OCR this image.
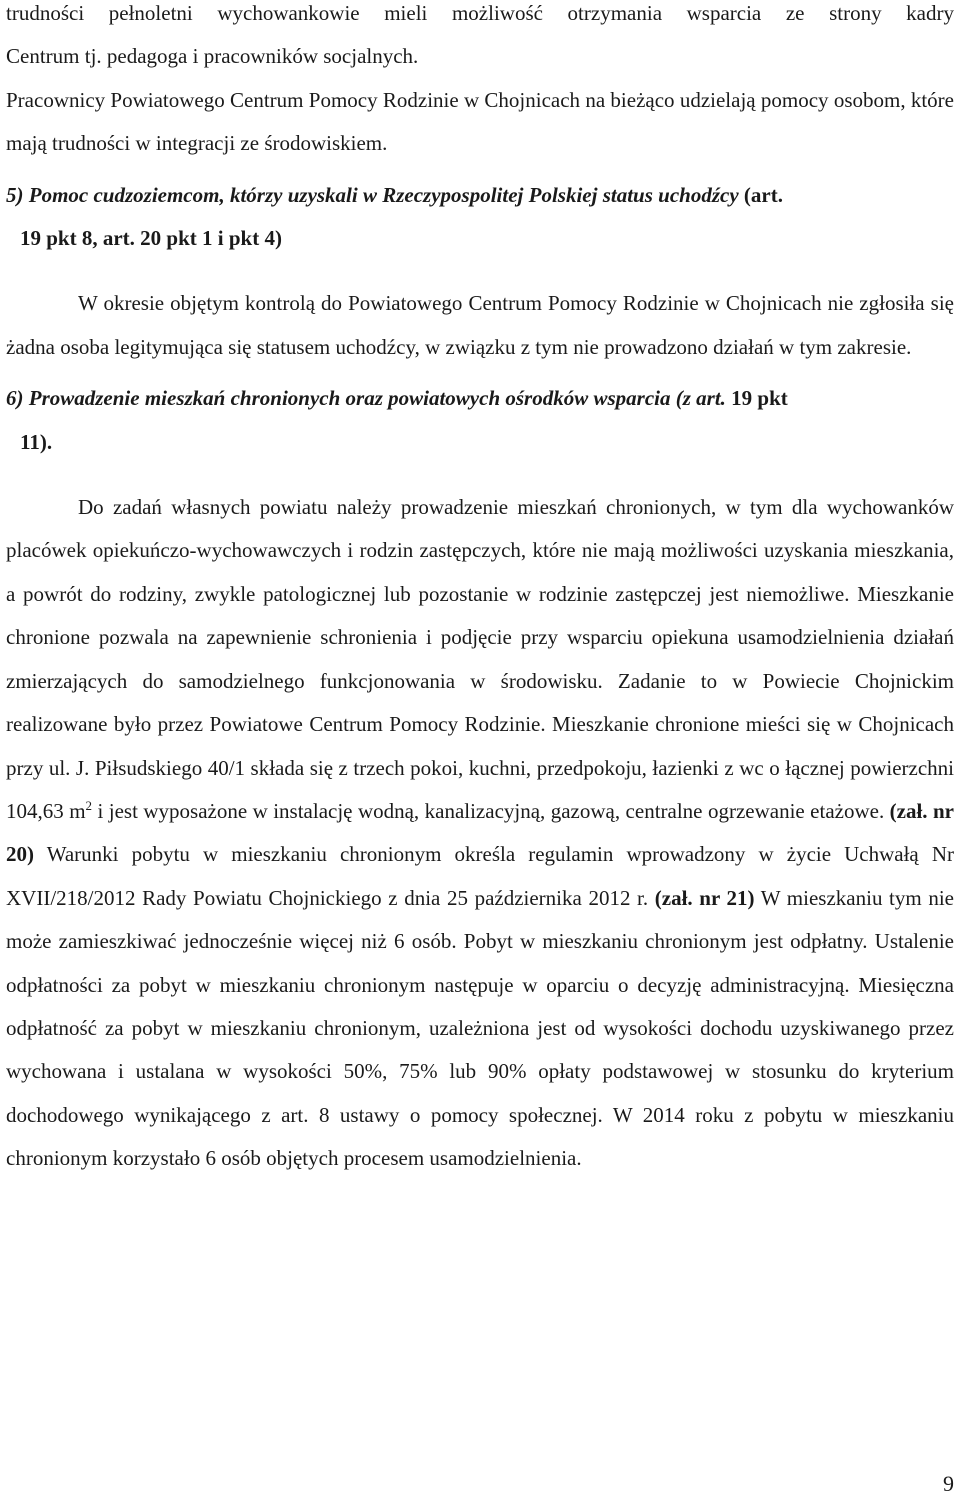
trudności pełnoletni wychowankowie mieli możliwość otrzymania wsparcia ze strony kadry

Centrum tj. pedagoga i pracowników socjalnych.

Pracownicy Powiatowego Centrum Pomocy Rodzinie w Chojnicach na bieżąco udzielają pomocy osobom, które mają trudności w integracji ze środowiskiem.

5) Pomoc cudzoziemcom, którzy uzyskali w Rzeczypospolitej Polskiej status uchodźcy (art.
19 pkt 8, art. 20 pkt 1 i pkt 4)

W okresie objętym kontrolą do Powiatowego Centrum Pomocy Rodzinie w Chojnicach nie zgłosiła się żadna osoba legitymująca się statusem uchodźcy, w związku z tym nie prowadzono działań w tym zakresie.

6) Prowadzenie mieszkań chronionych oraz powiatowych ośrodków wsparcia (z art. 19 pkt
11).

Do zadań własnych powiatu należy prowadzenie mieszkań chronionych, w tym dla wychowanków placówek opiekuńczo-wychowawczych i rodzin zastępczych, które nie mają możliwości uzyskania mieszkania, a powrót do rodziny, zwykle patologicznej lub pozostanie w rodzinie zastępczej jest niemożliwe. Mieszkanie chronione pozwala na zapewnienie schronienia i podjęcie przy wsparciu opiekuna usamodzielnienia działań zmierzających do samodzielnego funkcjonowania w środowisku. Zadanie to w Powiecie Chojnickim realizowane było przez Powiatowe Centrum Pomocy Rodzinie. Mieszkanie chronione mieści się w Chojnicach przy ul. J. Piłsudskiego 40/1 składa się z trzech pokoi, kuchni, przedpokoju, łazienki z wc o łącznej powierzchni 104,63 $m^2$ i jest wyposażone w instalację wodną, kanalizacyjną, gazową, centralne ogrzewanie etażowe. (zał. nr 20) Warunki pobytu w mieszkaniu chronionym określa regulamin wprowadzony w życie Uchwałą Nr XVII/218/2012 Rady Powiatu Chojnickiego z dnia 25 października 2012 r. (zał. nr 21) W mieszkaniu tym nie może zamieszkiwać jednocześnie więcej niż 6 osób. Pobyt w mieszkaniu chronionym jest odpłatny. Ustalenie odpłatności za pobyt w mieszkaniu chronionym następuje w oparciu o decyzję administracyjną. Miesięczna odpłatność za pobyt w mieszkaniu chronionym, uzależniona jest od wysokości dochodu uzyskiwanego przez wychowana i ustalana w wysokości 50%, 75% lub 90% opłaty podstawowej w stosunku do kryterium dochodowego wynikającego z art. 8 ustawy o pomocy społecznej. W 2014 roku z pobytu w mieszkaniu chronionym korzystało 6 osób objętych procesem usamodzielnienia.

9
